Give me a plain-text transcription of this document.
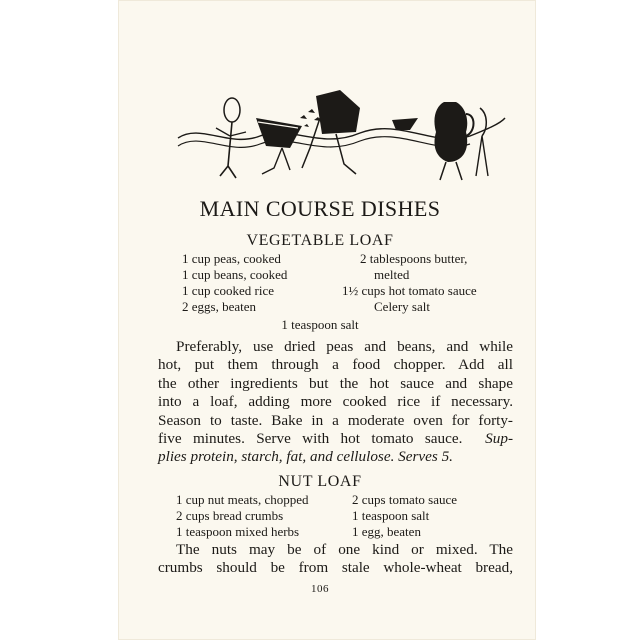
MAIN COURSE DISHES
VEGETABLE LOAF
1 cup peas, cooked
1 cup beans, cooked
1 cup cooked rice
2 eggs, beaten
2 tablespoons butter,
melted
1½ cups hot tomato sauce
Celery salt
1 teaspoon salt
Preferably, use dried peas and beans, and while
hot, put them through a food chopper. Add all
the other ingredients but the hot sauce and shape
into a loaf, adding more cooked rice if necessary.
Season to taste. Bake in a moderate oven for forty-
five minutes. Serve with hot tomato sauce. Sup-
plies protein, starch, fat, and cellulose. Serves 5.
NUT LOAF
1 cup nut meats, chopped
2 cups bread crumbs
1 teaspoon mixed herbs
2 cups tomato sauce
1 teaspoon salt
1 egg, beaten
The nuts may be of one kind or mixed. The
crumbs should be from stale whole-wheat bread,
106
